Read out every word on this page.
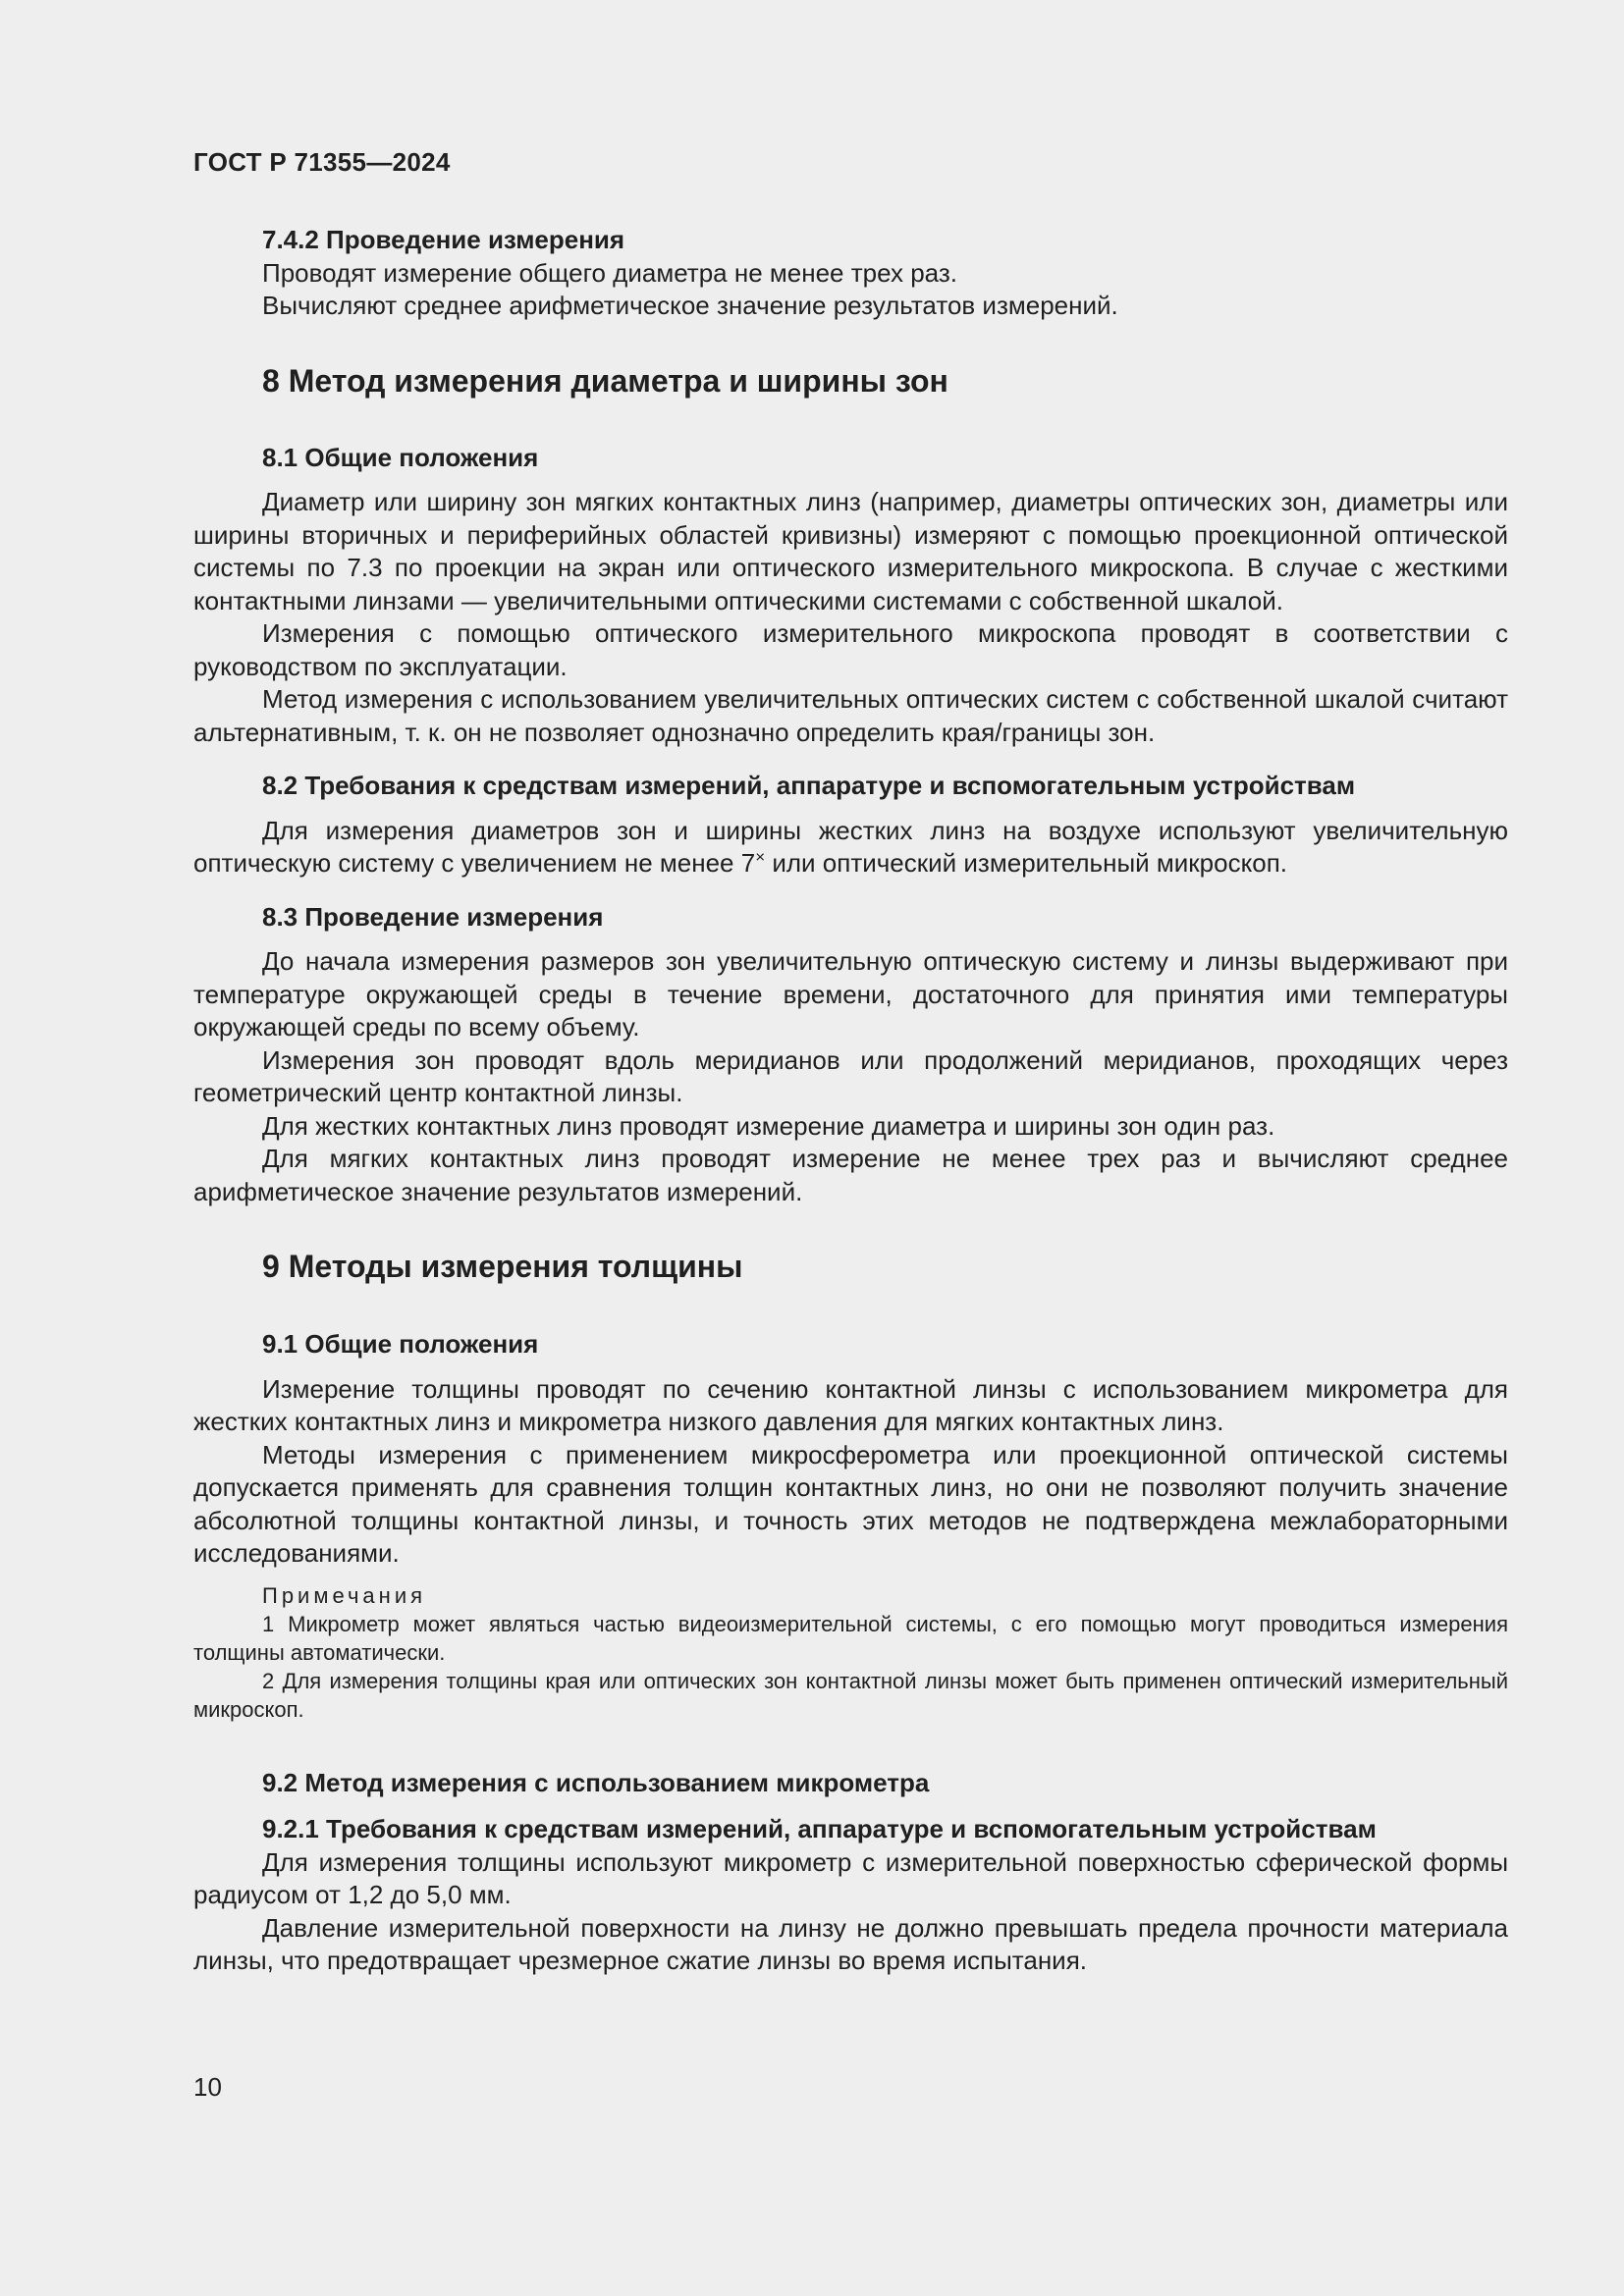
ГОСТ Р 71355—2024
7.4.2 Проведение измерения

Проводят измерение общего диаметра не менее трех раз.

Вычисляют среднее арифметическое значение результатов измерений.

8 Метод измерения диаметра и ширины зон
8.1 Общие положения

Диаметр или ширину зон мягких контактных линз (например, диаметры оптических зон, диаметры или ширины вторичных и периферийных областей кривизны) измеряют с помощью проекционной оптической системы по 7.3 по проекции на экран или оптического измерительного микроскопа. В случае с жесткими контактными линзами — увеличительными оптическими системами с собственной шкалой.

Измерения с помощью оптического измерительного микроскопа проводят в соответствии с руководством по эксплуатации.

Метод измерения с использованием увеличительных оптических систем с собственной шкалой считают альтернативным, т. к. он не позволяет однозначно определить края/границы зон.

8.2 Требования к средствам измерений, аппаратуре и вспомогательным устройствам

Для измерения диаметров зон и ширины жестких линз на воздухе используют увеличительную оптическую систему с увеличением не менее 7× или оптический измерительный микроскоп.

8.3 Проведение измерения

До начала измерения размеров зон увеличительную оптическую систему и линзы выдерживают при температуре окружающей среды в течение времени, достаточного для принятия ими температуры окружающей среды по всему объему.

Измерения зон проводят вдоль меридианов или продолжений меридианов, проходящих через геометрический центр контактной линзы.

Для жестких контактных линз проводят измерение диаметра и ширины зон один раз.

Для мягких контактных линз проводят измерение не менее трех раз и вычисляют среднее арифметическое значение результатов измерений.

9 Методы измерения толщины
9.1 Общие положения

Измерение толщины проводят по сечению контактной линзы с использованием микрометра для жестких контактных линз и микрометра низкого давления для мягких контактных линз.

Методы измерения с применением микросферометра или проекционной оптической системы допускается применять для сравнения толщин контактных линз, но они не позволяют получить значение абсолютной толщины контактной линзы, и точность этих методов не подтверждена межлабораторными исследованиями.

Примечания

1 Микрометр может являться частью видеоизмерительной системы, с его помощью могут проводиться измерения толщины автоматически.

2 Для измерения толщины края или оптических зон контактной линзы может быть применен оптический измерительный микроскоп.

9.2 Метод измерения с использованием микрометра
9.2.1 Требования к средствам измерений, аппаратуре и вспомогательным устройствам

Для измерения толщины используют микрометр с измерительной поверхностью сферической формы радиусом от 1,2 до 5,0 мм.

Давление измерительной поверхности на линзу не должно превышать предела прочности материала линзы, что предотвращает чрезмерное сжатие линзы во время испытания.

10
